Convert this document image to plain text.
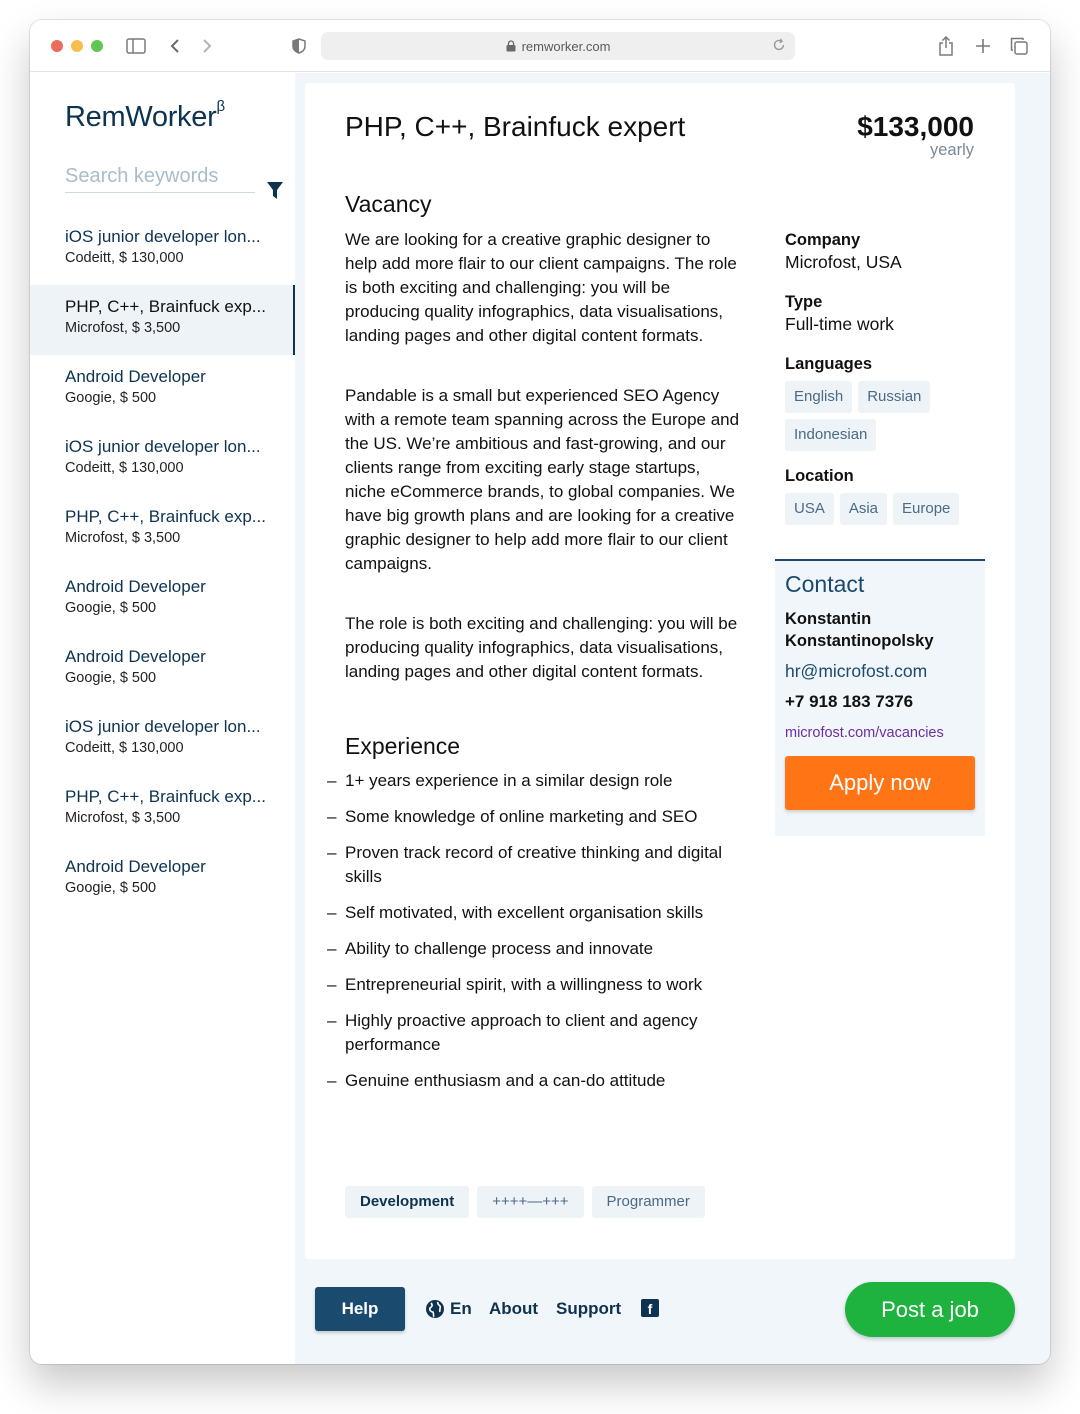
remworker.com
RemWorker$^\beta$
Search keywords
iOS junior developer lon...
Codeitt, $ 130,000
PHP, C++, Brainfuck exp...
Microfost, $ 3,500
Android Developer
Googie, $ 500
iOS junior developer lon...
Codeitt, $ 130,000
PHP, C++, Brainfuck exp...
Microfost, $ 3,500
Android Developer
Googie, $ 500
Android Developer
Googie, $ 500
iOS junior developer lon...
Codeitt, $ 130,000
PHP, C++, Brainfuck exp...
Microfost, $ 3,500
Android Developer
Googie, $ 500
PHP, C++, Brainfuck expert	$133,000
yearly
Vacancy

We are looking for a creative graphic designer to help add more flair to our client campaigns. The role is both exciting and challenging: you will be producing quality infographics, data visualisations, landing pages and other digital content formats.

Pandable is a small but experienced SEO Agency with a remote team spanning across the Europe and the US. We’re ambitious and fast-growing, and our clients range from exciting early stage startups, niche eCommerce brands, to global companies. We have big growth plans and are looking for a creative graphic designer to help add more flair to our client campaigns.

The role is both exciting and challenging: you will be producing quality infographics, data visualisations, landing pages and other digital content formats.

Experience
– 1+ years experience in a similar design role
– Some knowledge of online marketing and SEO
– Proven track record of creative thinking and digital skills
– Self motivated, with excellent organisation skills
– Ability to challenge process and innovate
– Entrepreneurial spirit, with a willingness to work
– Highly proactive approach to client and agency performance
– Genuine enthusiasm and a can-do attitude
Development	++++—+++	Programmer
Company
Microfost, USA
Type
Full-time work
Languages
English	Russian
Indonesian
Location
USA	Asia	Europe
Contact
Konstantin Konstantinopolsky
hr@microfost.com
+7 918 183 7376
microfost.com/vacancies
Apply now
Help	En About Support	f	Post a job
